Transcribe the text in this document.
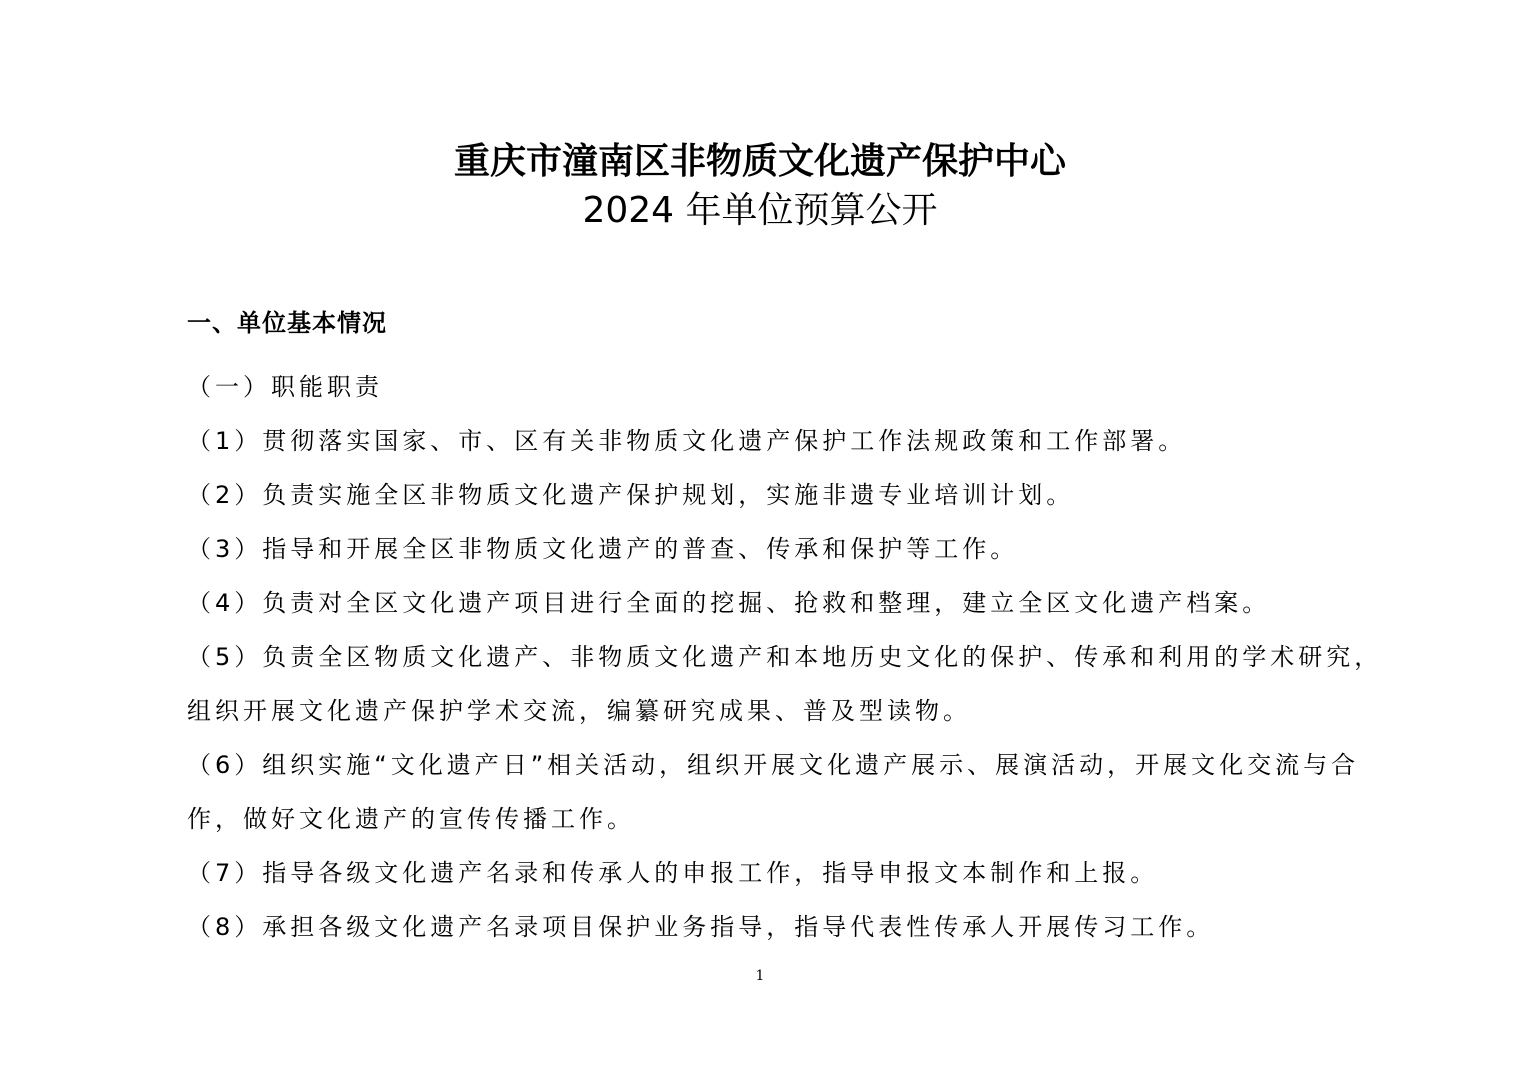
重庆市潼南区非物质文化遗产保护中心
2024 年单位预算公开
一、单位基本情况

（一）职能职责

（1）贯彻落实国家、市、区有关非物质文化遗产保护工作法规政策和工作部署。

（2）负责实施全区非物质文化遗产保护规划，实施非遗专业培训计划。

（3）指导和开展全区非物质文化遗产的普查、传承和保护等工作。

（4）负责对全区文化遗产项目进行全面的挖掘、抢救和整理，建立全区文化遗产档案。

（5）负责全区物质文化遗产、非物质文化遗产和本地历史文化的保护、传承和利用的学术研究，组织开展文化遗产保护学术交流，编纂研究成果、普及型读物。

（6）组织实施“文化遗产日”相关活动，组织开展文化遗产展示、展演活动，开展文化交流与合作，做好文化遗产的宣传传播工作。

（7）指导各级文化遗产名录和传承人的申报工作，指导申报文本制作和上报。

（8）承担各级文化遗产名录项目保护业务指导，指导代表性传承人开展传习工作。

1
